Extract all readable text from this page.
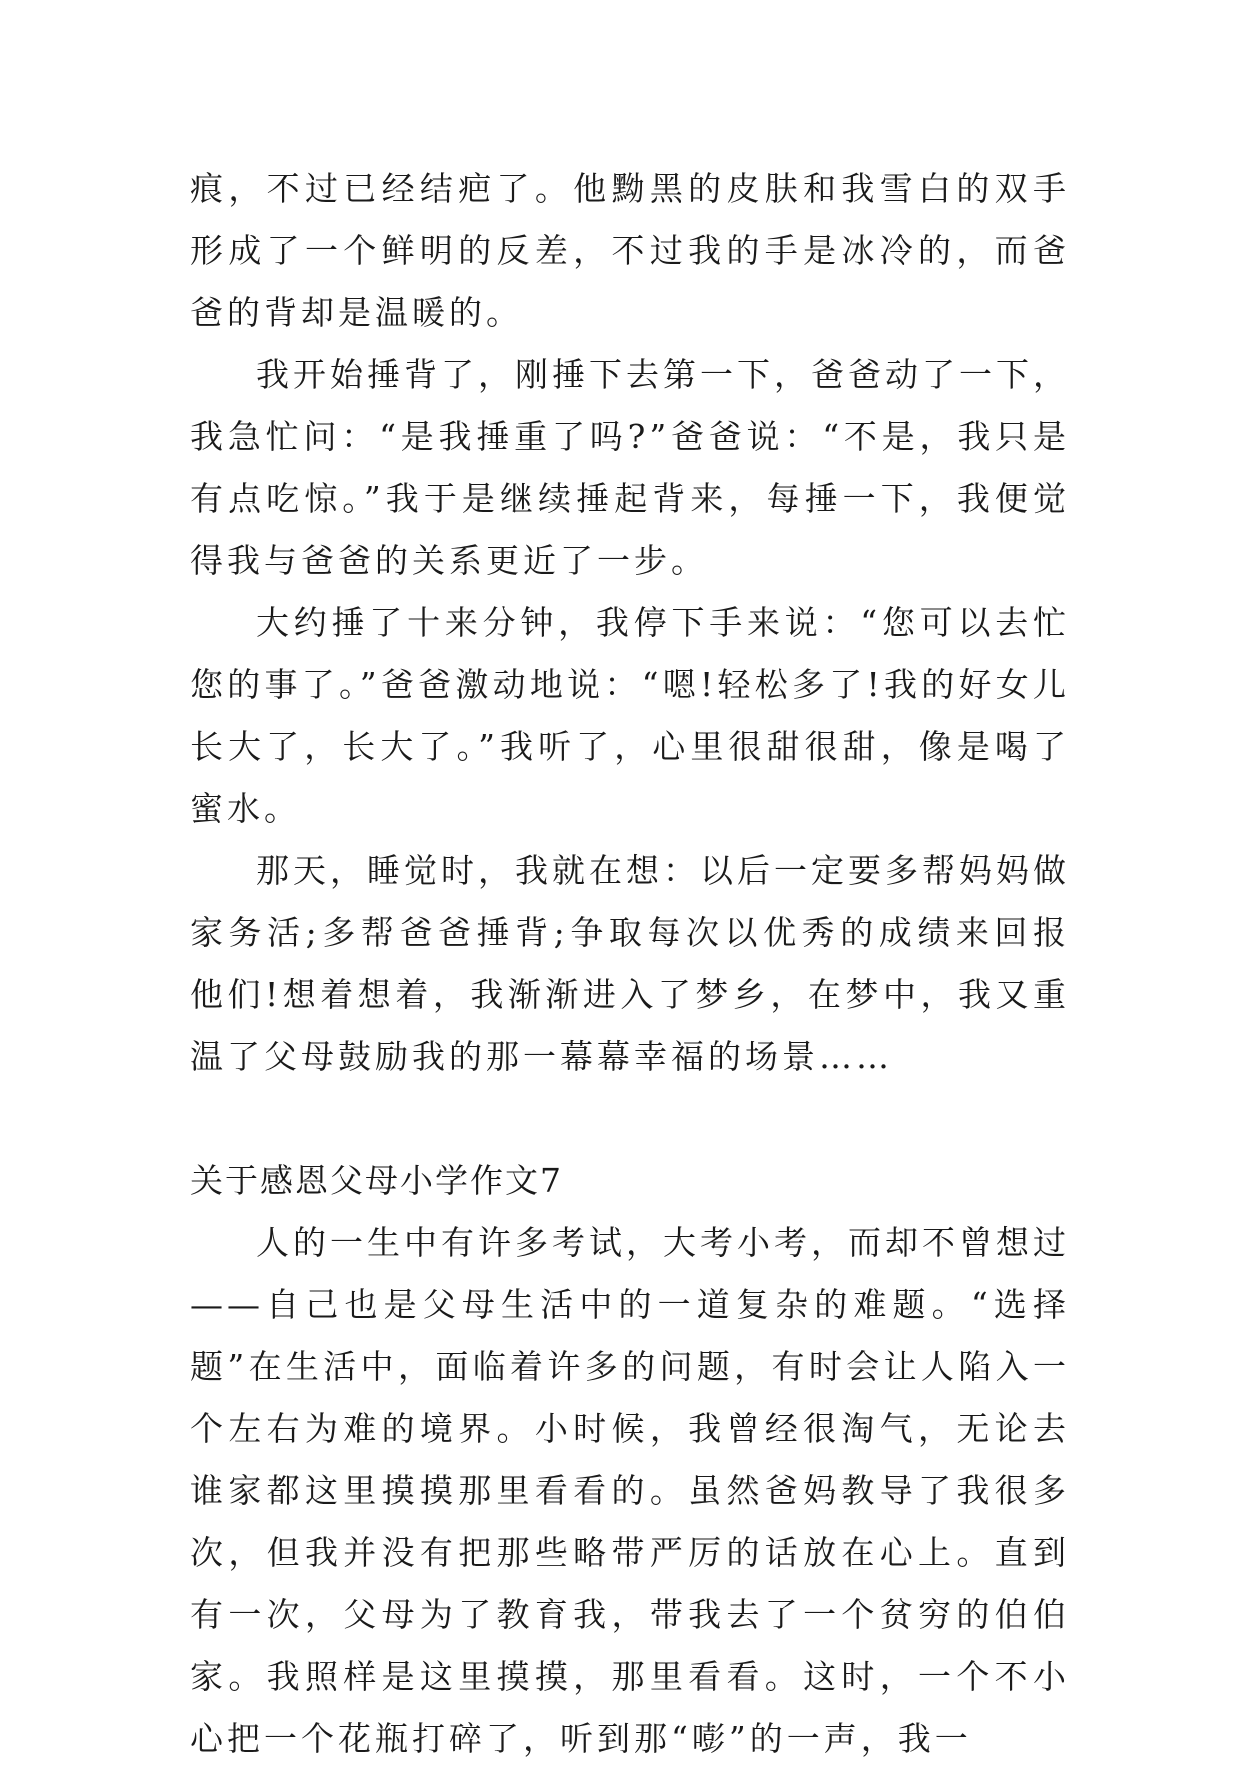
痕，不过已经结疤了。他黝黑的皮肤和我雪白的双手形成了一个鲜明的反差，不过我的手是冰冷的，而爸爸的背却是温暖的。

我开始捶背了，刚捶下去第一下，爸爸动了一下，我急忙问：“是我捶重了吗?”爸爸说：“不是，我只是有点吃惊。”我于是继续捶起背来，每捶一下，我便觉得我与爸爸的关系更近了一步。

大约捶了十来分钟，我停下手来说：“您可以去忙您的事了。”爸爸激动地说：“嗯!轻松多了!我的好女儿长大了，长大了。”我听了，心里很甜很甜，像是喝了蜜水。

那天，睡觉时，我就在想：以后一定要多帮妈妈做家务活;多帮爸爸捶背;争取每次以优秀的成绩来回报他们!想着想着，我渐渐进入了梦乡，在梦中，我又重温了父母鼓励我的那一幕幕幸福的场景……

关于感恩父母小学作文7

人的一生中有许多考试，大考小考，而却不曾想过——自己也是父母生活中的一道复杂的难题。“选择题”在生活中，面临着许多的问题，有时会让人陷入一个左右为难的境界。小时候，我曾经很淘气，无论去谁家都这里摸摸那里看看的。虽然爸妈教导了我很多次，但我并没有把那些略带严厉的话放在心上。直到有一次，父母为了教育我，带我去了一个贫穷的伯伯家。我照样是这里摸摸，那里看看。这时，一个不小心把一个花瓶打碎了，听到那“嘭”的一声，我一
